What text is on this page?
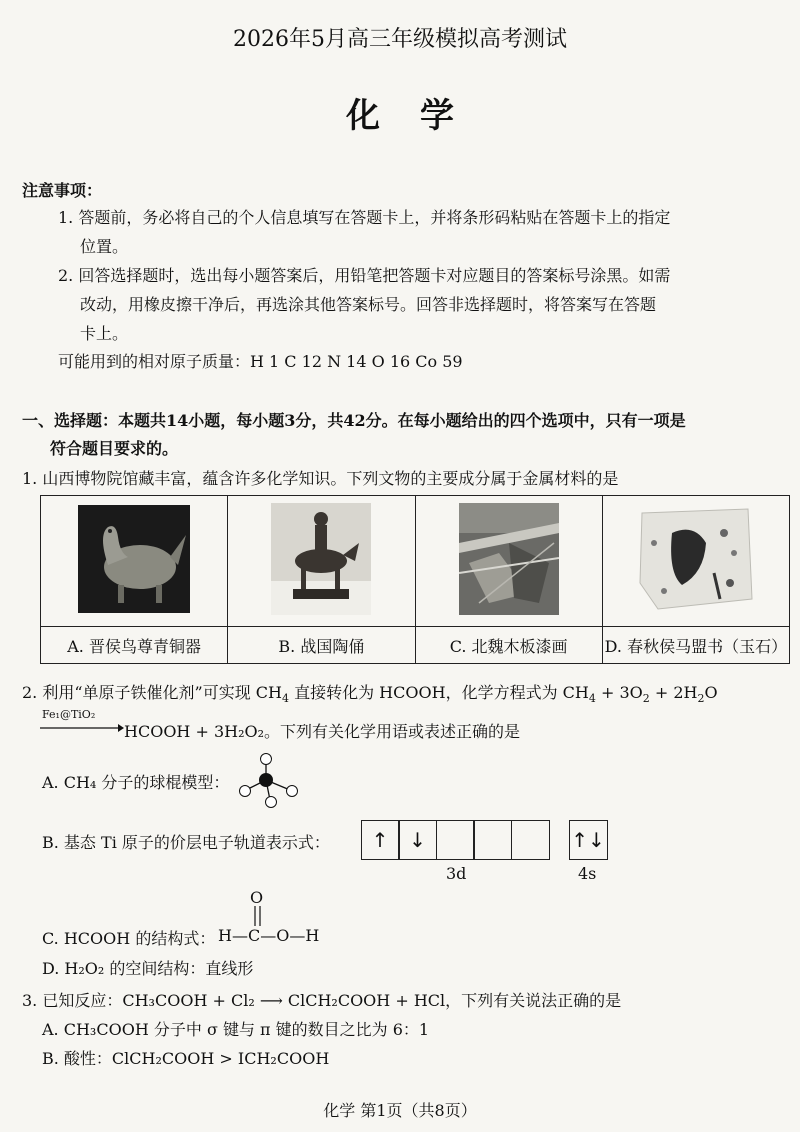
2026年5月高三年级模拟高考测试
化学
注意事项：
1. 答题前，务必将自己的个人信息填写在答题卡上，并将条形码粘贴在答题卡上的指定
位置。
2. 回答选择题时，选出每小题答案后，用铅笔把答题卡对应题目的答案标号涂黑。如需
改动，用橡皮擦干净后，再选涂其他答案标号。回答非选择题时，将答案写在答题
卡上。
可能用到的相对原子质量：H 1 C 12 N 14 O 16 Co 59
一、选择题：本题共14小题，每小题3分，共42分。在每小题给出的四个选项中，只有一项是
符合题目要求的。
1. 山西博物院馆藏丰富，蕴含许多化学知识。下列文物的主要成分属于金属材料的是

A. 晋侯鸟尊青铜器	B. 战国陶俑	C. 北魏木板漆画	D. 春秋侯马盟书（玉石）
2. 利用“单原子铁催化剂”可实现 $CH_4$ 直接转化为 HCOOH，化学方程式为 $CH_4 + 3O_2 + 2H_2O$
Fe₁@TiO₂
HCOOH + 3H₂O₂。下列有关化学用语或表述正确的是
A. CH₄ 分子的球棍模型：
B. 基态 Ti 原子的价层电子轨道表示式：	↑	↓	↑↓
3d	4s
C. HCOOH 的结构式：
O
H—C—O—H
D. H₂O₂ 的空间结构：直线形
3. 已知反应：CH₃COOH + Cl₂ ⟶ ClCH₂COOH + HCl，下列有关说法正确的是
A. CH₃COOH 分子中 σ 键与 π 键的数目之比为 6：1
B. 酸性：ClCH₂COOH > ICH₂COOH
化学 第1页（共8页）
